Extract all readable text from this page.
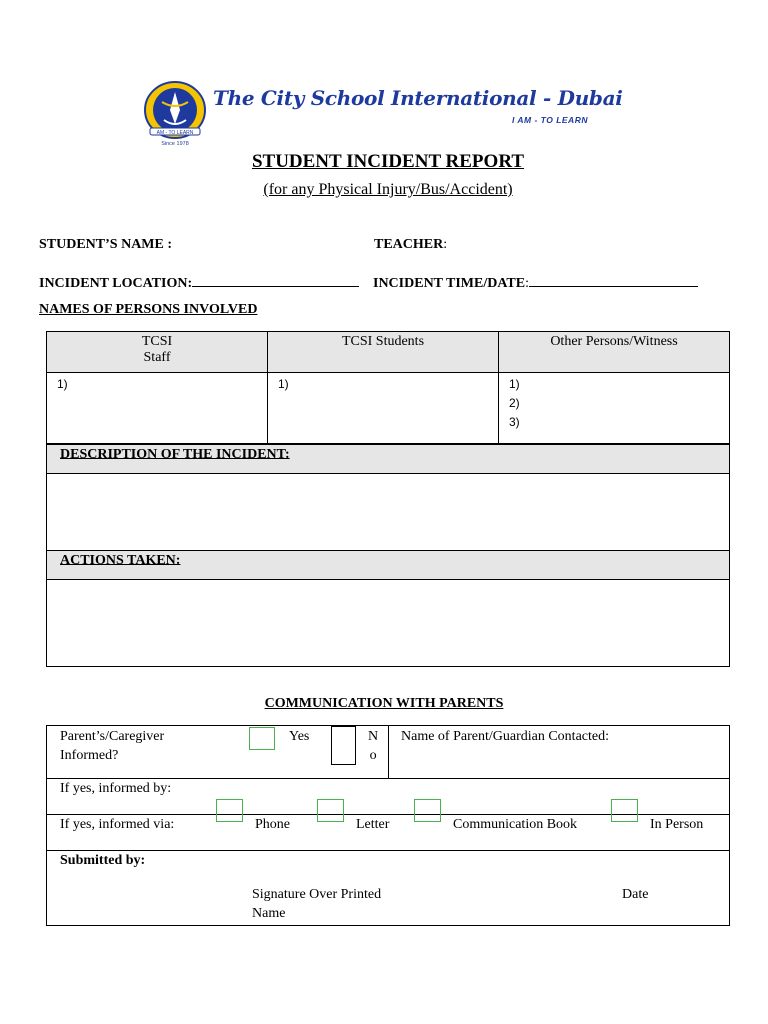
AM - TO LEARN
Since 1978
The City School International - Dubai
I AM - TO LEARN
STUDENT INCIDENT REPORT
(for any Physical Injury/Bus/Accident)
STUDENT’S NAME :	TEACHER:
INCIDENT LOCATION:	INCIDENT TIME/DATE:
NAMES OF PERSONS INVOLVED
TCSI
Staff	TCSI Students	Other Persons/Witness

1)	1)	1)
2)
3)
DESCRIPTION OF THE INCIDENT:

ACTIONS TAKEN:

COMMUNICATION WITH PARENTS
Parent’s/Caregiver
Informed?
Yes	N
o
Name of Parent/Guardian Contacted:
If yes, informed by:
If yes, informed via:	Phone	Letter	Communication Book	In Person
Submitted by:
Signature Over Printed
Name
Date
